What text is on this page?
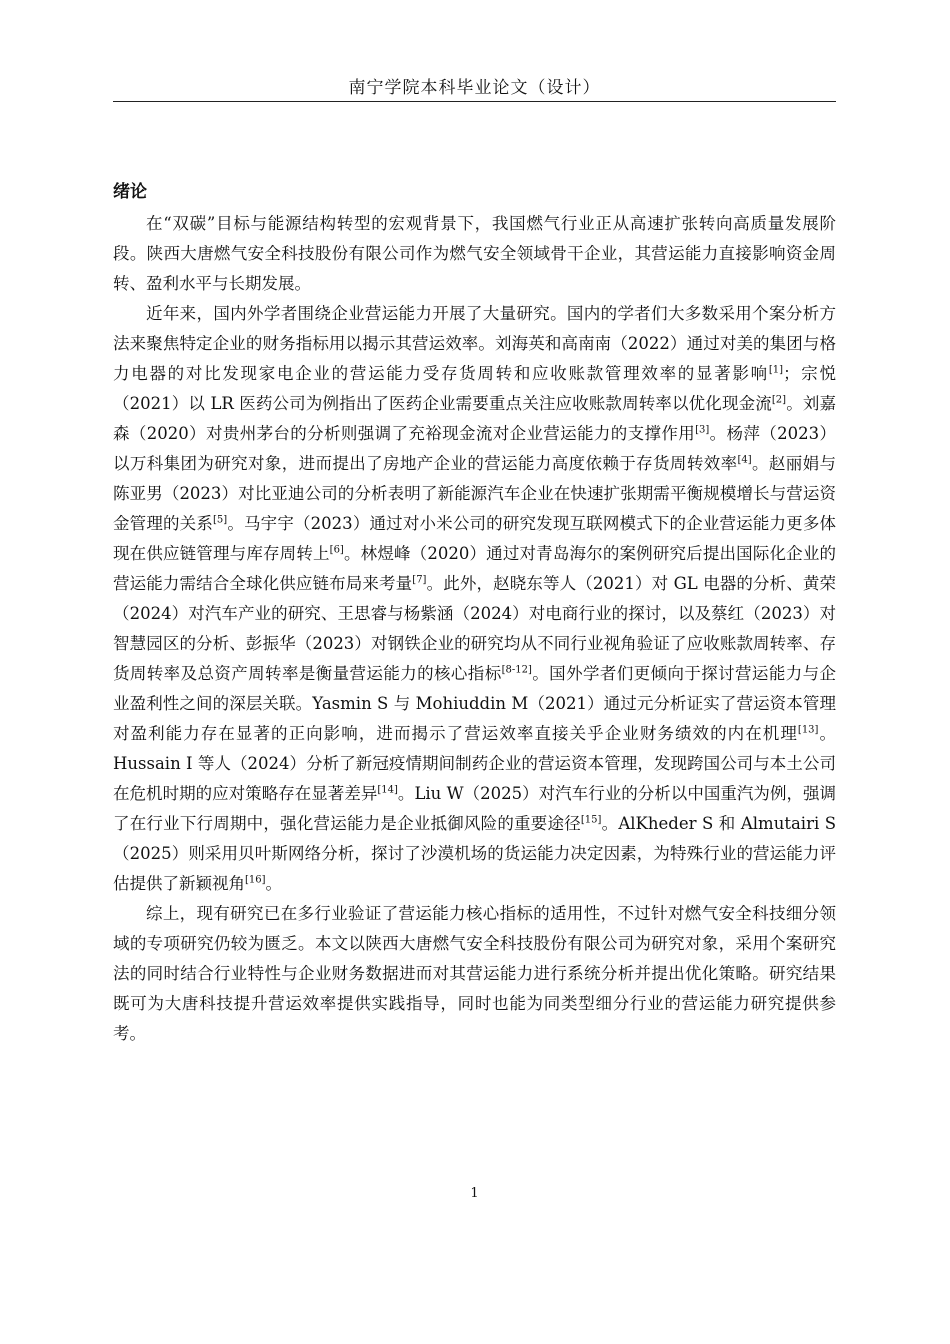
南宁学院本科毕业论文（设计）
绪论

在“双碳”目标与能源结构转型的宏观背景下，我国燃气行业正从高速扩张转向高质量发展阶段。陕西大唐燃气安全科技股份有限公司作为燃气安全领域骨干企业，其营运能力直接影响资金周转、盈利水平与长期发展。

近年来，国内外学者围绕企业营运能力开展了大量研究。国内的学者们大多数采用个案分析方法来聚焦特定企业的财务指标用以揭示其营运效率。刘海英和高南南（2022）通过对美的集团与格力电器的对比发现家电企业的营运能力受存货周转和应收账款管理效率的显著影响[1]；宗悦（2021）以 LR 医药公司为例指出了医药企业需要重点关注应收账款周转率以优化现金流[2]。刘嘉森（2020）对贵州茅台的分析则强调了充裕现金流对企业营运能力的支撑作用[3]。杨萍（2023）以万科集团为研究对象，进而提出了房地产企业的营运能力高度依赖于存货周转效率[4]。赵丽娟与陈亚男（2023）对比亚迪公司的分析表明了新能源汽车企业在快速扩张期需平衡规模增长与营运资金管理的关系[5]。马宇宇（2023）通过对小米公司的研究发现互联网模式下的企业营运能力更多体现在供应链管理与库存周转上[6]。林煜峰（2020）通过对青岛海尔的案例研究后提出国际化企业的营运能力需结合全球化供应链布局来考量[7]。此外，赵晓东等人（2021）对 GL 电器的分析、黄荣（2024）对汽车产业的研究、王思睿与杨紫涵（2024）对电商行业的探讨，以及蔡红（2023）对智慧园区的分析、彭振华（2023）对钢铁企业的研究均从不同行业视角验证了应收账款周转率、存货周转率及总资产周转率是衡量营运能力的核心指标[8-12]。国外学者们更倾向于探讨营运能力与企业盈利性之间的深层关联。Yasmin S 与 Mohiuddin M（2021）通过元分析证实了营运资本管理对盈利能力存在显著的正向影响，进而揭示了营运效率直接关乎企业财务绩效的内在机理[13]。Hussain I 等人（2024）分析了新冠疫情期间制药企业的营运资本管理，发现跨国公司与本土公司在危机时期的应对策略存在显著差异[14]。Liu W（2025）对汽车行业的分析以中国重汽为例，强调了在行业下行周期中，强化营运能力是企业抵御风险的重要途径[15]。AlKheder S 和 Almutairi S（2025）则采用贝叶斯网络分析，探讨了沙漠机场的货运能力决定因素，为特殊行业的营运能力评估提供了新颖视角[16]。

综上，现有研究已在多行业验证了营运能力核心指标的适用性，不过针对燃气安全科技细分领域的专项研究仍较为匮乏。本文以陕西大唐燃气安全科技股份有限公司为研究对象，采用个案研究法的同时结合行业特性与企业财务数据进而对其营运能力进行系统分析并提出优化策略。研究结果既可为大唐科技提升营运效率提供实践指导，同时也能为同类型细分行业的营运能力研究提供参考。

1
